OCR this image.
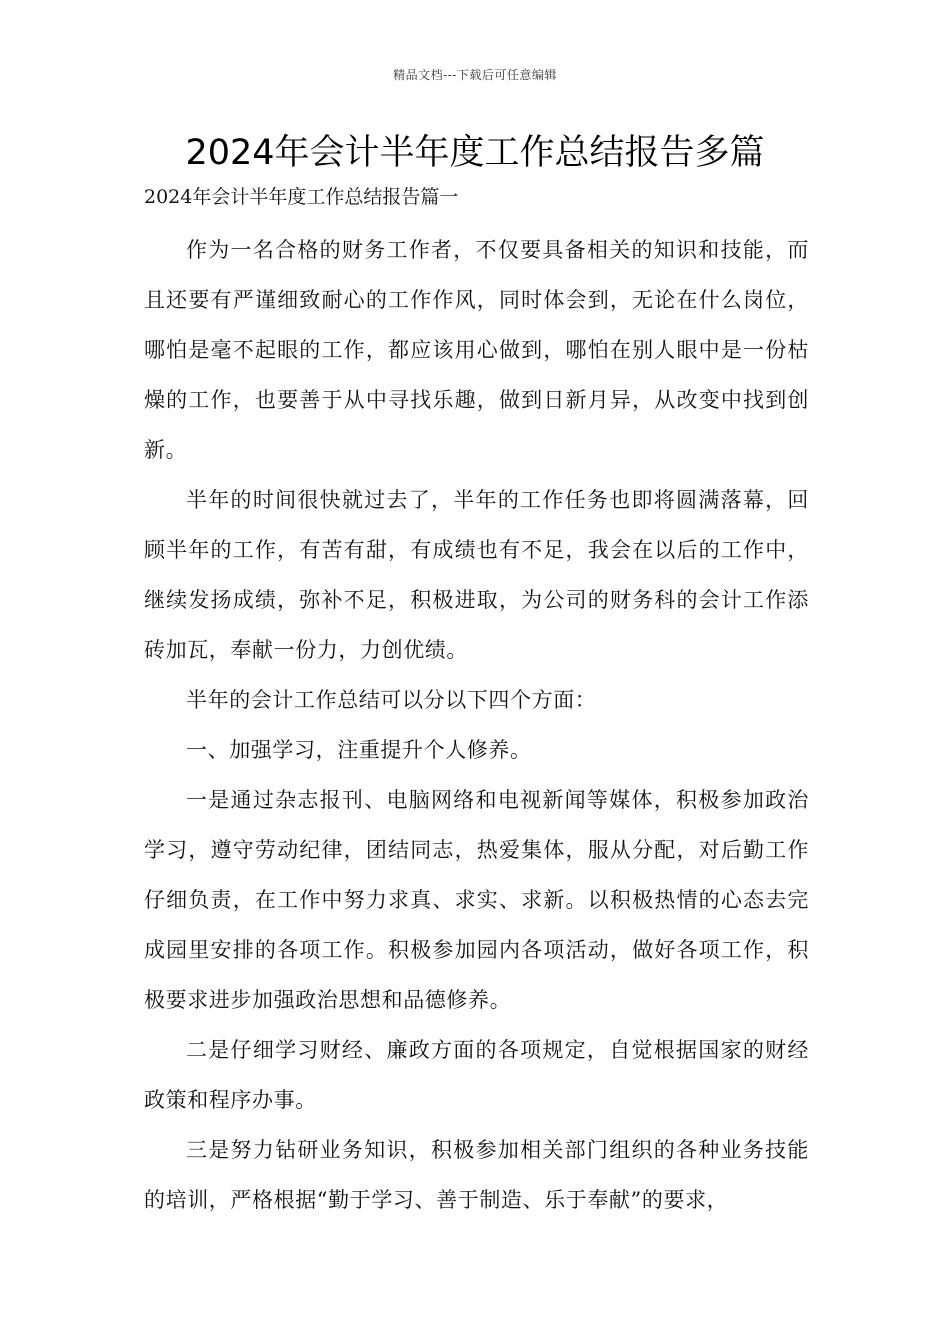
精品文档---下载后可任意编辑
2024年会计半年度工作总结报告多篇
2024年会计半年度工作总结报告篇一

作为一名合格的财务工作者，不仅要具备相关的知识和技能，而且还要有严谨细致耐心的工作作风，同时体会到，无论在什么岗位，哪怕是毫不起眼的工作，都应该用心做到，哪怕在别人眼中是一份枯燥的工作，也要善于从中寻找乐趣，做到日新月异，从改变中找到创新。

半年的时间很快就过去了，半年的工作任务也即将圆满落幕，回顾半年的工作，有苦有甜，有成绩也有不足，我会在以后的工作中，继续发扬成绩，弥补不足，积极进取，为公司的财务科的会计工作添砖加瓦，奉献一份力，力创优绩。

半年的会计工作总结可以分以下四个方面：

一、加强学习，注重提升个人修养。

一是通过杂志报刊、电脑网络和电视新闻等媒体，积极参加政治学习，遵守劳动纪律，团结同志，热爱集体，服从分配，对后勤工作仔细负责，在工作中努力求真、求实、求新。以积极热情的心态去完成园里安排的各项工作。积极参加园内各项活动，做好各项工作，积极要求进步加强政治思想和品德修养。

二是仔细学习财经、廉政方面的各项规定，自觉根据国家的财经政策和程序办事。

三是努力钻研业务知识，积极参加相关部门组织的各种业务技能的培训，严格根据“勤于学习、善于制造、乐于奉献”的要求，
